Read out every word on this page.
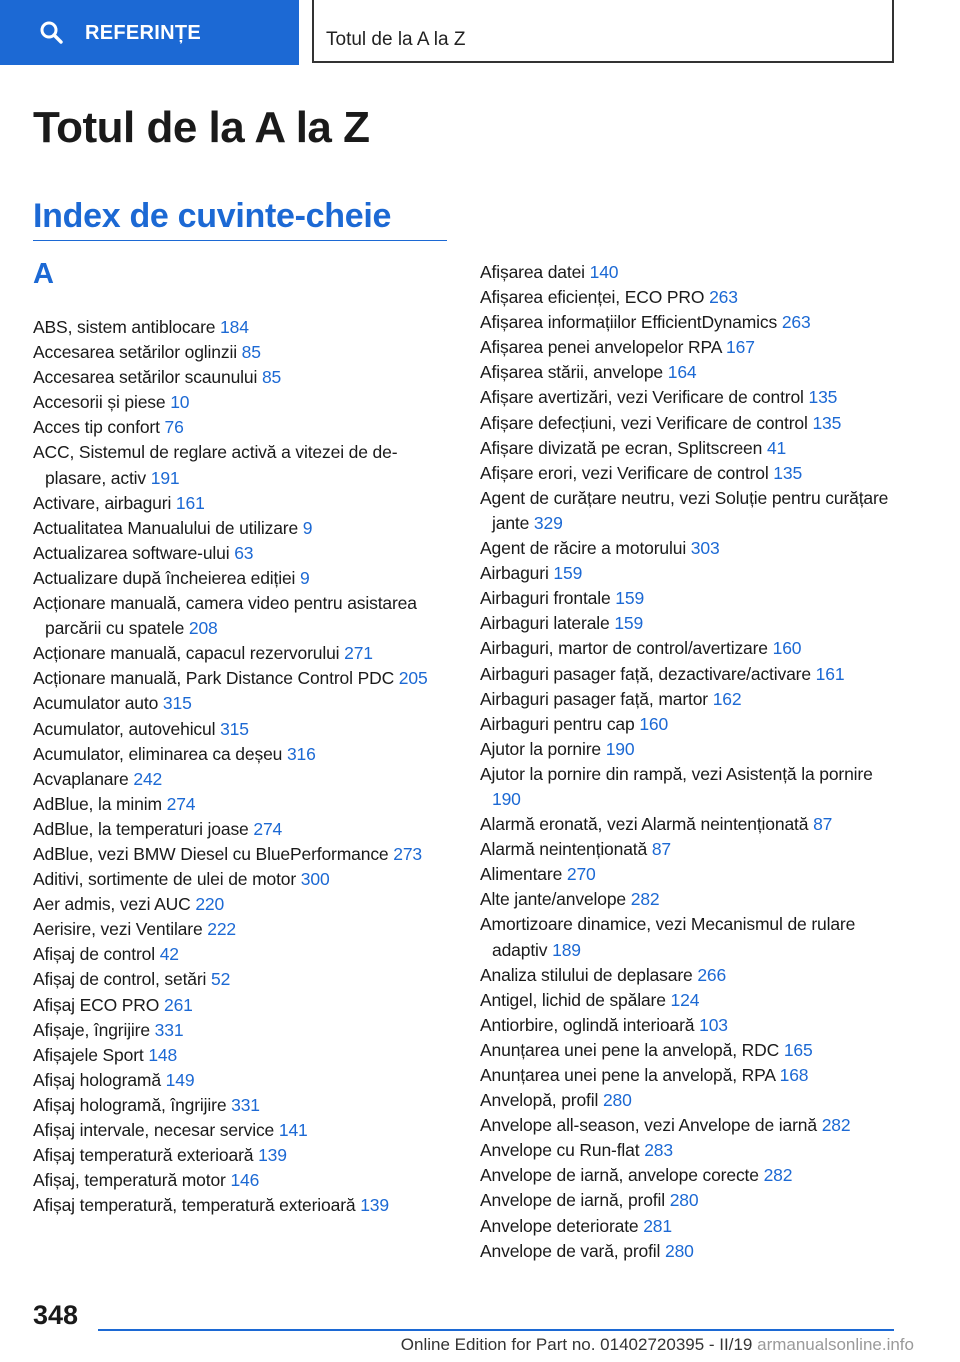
REFERINȚE	Totul de la A la Z
Totul de la A la Z
Index de cuvinte-cheie
A
ABS, sistem antiblocare 184
Accesarea setărilor oglinzii 85
Accesarea setărilor scaunului 85
Accesorii și piese 10
Acces tip confort 76
ACC, Sistemul de reglare activă a vitezei de deplasare, activ 191
Activare, airbaguri 161
Actualitatea Manualului de utilizare 9
Actualizarea software-ului 63
Actualizare după încheierea ediției 9
Acționare manuală, camera video pentru asistarea parcării cu spatele 208
Acționare manuală, capacul rezervorului 271
Acționare manuală, Park Distance Control PDC 205
Acumulator auto 315
Acumulator, autovehicul 315
Acumulator, eliminarea ca deșeu 316
Acvaplanare 242
AdBlue, la minim 274
AdBlue, la temperaturi joase 274
AdBlue, vezi BMW Diesel cu BluePerformance 273
Aditivi, sortimente de ulei de motor 300
Aer admis, vezi AUC 220
Aerisire, vezi Ventilare 222
Afișaj de control 42
Afișaj de control, setări 52
Afișaj ECO PRO 261
Afișaje, îngrijire 331
Afișajele Sport 148
Afișaj hologramă 149
Afișaj hologramă, îngrijire 331
Afișaj intervale, necesar service 141
Afișaj temperatură exterioară 139
Afișaj, temperatură motor 146
Afișaj temperatură, temperatură exterioară 139
Afișarea datei 140
Afișarea eficienței, ECO PRO 263
Afișarea informațiilor EfficientDynamics 263
Afișarea penei anvelopelor RPA 167
Afișarea stării, anvelope 164
Afișare avertizări, vezi Verificare de control 135
Afișare defecțiuni, vezi Verificare de control 135
Afișare divizată pe ecran, Splitscreen 41
Afișare erori, vezi Verificare de control 135
Agent de curățare neutru, vezi Soluție pentru curățare jante 329
Agent de răcire a motorului 303
Airbaguri 159
Airbaguri frontale 159
Airbaguri laterale 159
Airbaguri, martor de control/avertizare 160
Airbaguri pasager față, dezactivare/activare 161
Airbaguri pasager față, martor 162
Airbaguri pentru cap 160
Ajutor la pornire 190
Ajutor la pornire din rampă, vezi Asistență la pornire 190
Alarmă eronată, vezi Alarmă neintenționată 87
Alarmă neintenționată 87
Alimentare 270
Alte jante/anvelope 282
Amortizoare dinamice, vezi Mecanismul de rulare adaptiv 189
Analiza stilului de deplasare 266
Antigel, lichid de spălare 124
Antiorbire, oglindă interioară 103
Anunțarea unei pene la anvelopă, RDC 165
Anunțarea unei pene la anvelopă, RPA 168
Anvelopă, profil 280
Anvelope all-season, vezi Anvelope de iarnă 282
Anvelope cu Run-flat 283
Anvelope de iarnă, anvelope corecte 282
Anvelope de iarnă, profil 280
Anvelope deteriorate 281
Anvelope de vară, profil 280
348
Online Edition for Part no. 01402720395 - II/19 armanualsonline.info
